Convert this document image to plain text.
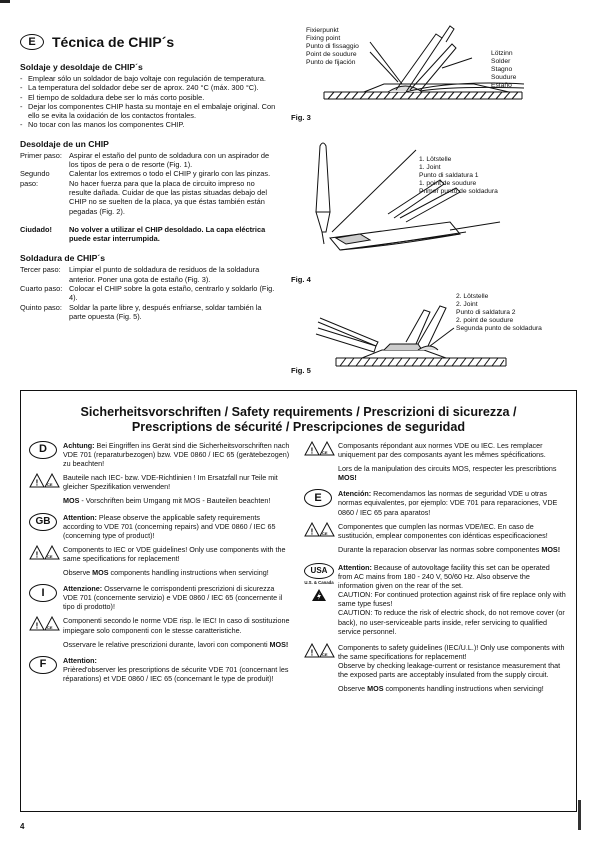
E	Técnica de CHIP´s
Soldaje y desoldaje de CHIP´s
- Emplear sólo un soldador de bajo voltaje con regulación de temperatura.
- La temperatura del soldador debe ser de aprox. 240 °C (máx. 300 °C).
- El tiempo de soldadura debe ser lo más corto posible.
- Dejar los componentes CHIP hasta su montaje en el embalaje original. Con ello se evita la oxidación de los contactos frontales.
- No tocar con las manos los componentes CHIP.
Desoldaje de un CHIP
Primer paso: Aspirar el estaño del punto de soldadura con un aspirador de los tipos de pera o de resorte (Fig. 1).
Segundo paso:
Calentar los extremos o todo el CHIP y girarlo con las pinzas. No hacer fuerza para que la placa de circuito impreso no resulte dañada. Cuidar de que las pistas situadas debajo del CHIP no se suelten de la placa, ya que éstas también están pegadas (Fig. 2).
Ciudado!	No volver a utilizar el CHIP desoldado. La capa eléctrica puede estar interrumpida.
Soldadura de CHIP´s
Tercer paso:	Limpiar el punto de soldadura de residuos de la soldadura anterior. Poner una gota de estaño (Fig. 3).
Cuarto paso: Colocar el CHIP sobre la gota estaño, centrarlo y soldarlo (Fig. 4).
Quinto paso: Soldar la parte libre y, después enfriarse, soldar también la parte opuesta (Fig. 5).
Fixierpunkt
Fixing point
Punto di fissaggio
Point de soudure
Punto de fijación
Lötzinn
Solder
Stagno
Soudure
Estaño
Fig. 3
1. Lötstelle
1. Joint
Punto di saldatura 1
1. point de soudure
Primer punto de soldadura
Fig. 4
2. Lötstelle
2. Joint
Punto di saldatura 2
2. point de soudure
Segunda punto de soldadura
Fig. 5
Sicherheitsvorschriften / Safety requirements / Prescrizioni di sicurezza /
Prescriptions de sécurité / Prescripciones de seguridad
D	Achtung: Bei Eingriffen ins Gerät sind die Sicherheitsvorschriften nach VDE 701 (reparaturbezogen) bzw. VDE 0860 / IEC 65 (gerätebezogen) zu beachten!

! CE

Bauteile nach IEC- bzw. VDE-Richtlinien ! Im Ersatzfall nur Teile mit gleicher Spezifikation verwenden!

MOS - Vorschriften beim Umgang mit MOS - Bauteilen beachten!

GB	Attention: Please observe the applicable safety requirements according to VDE 701 (concerning repairs) and VDE 0860 / IEC 65 (concerning type of product)!

! CE

Components to IEC or VDE guidelines! Only use components with the same specifications for replacement!

Observe MOS components handling instructions when servicing!

I	Attenzione: Osservarne le corrispondenti prescrizioni di sicurezza VDE 701 (concernente servizio) e VDE 0860 / IEC 65 (concernente il tipo di prodotto)!

! CE

Componenti secondo le norme VDE risp. le IEC! In caso di sostituzione impiegare solo componenti con le stesse caratteristiche.

Osservare le relative prescrizioni durante, lavori con componenti MOS!

F	Attention:
Prièred'observer les prescriptions de sécurite VDE 701 (concernant les réparations) et VDE 0860 / IEC 65 (concernant le type de produit)!

! CE

Composants répondant aux normes VDE ou IEC. Les remplacer uniquement par des composants ayant les mêmes spécifications.

Lors de la manipulation des circuits MOS, respecter les prescribtions MOS!

E	Atención: Recomendamos las normas de seguridad VDE u otras normas equivalentes, por ejemplo: VDE 701 para reparaciones, VDE 0860 / IEC 65 para aparatos!

! CE

Componentes que cumplen las normas VDE/IEC. En caso de sustitución, emplear componentes con idénticas especificaciones!

Durante la reparacion observar las normas sobre componentes MOS!

USA
U.S. & Canada

Attention: Because of autovoltage facility this set can be operated from AC mains from 180 - 240 V, 50/60 Hz. Also observe the information given on the rear of the set.

CAUTION: For continued protection against risk of fire replace only with same type fuses!

CAUTION: To reduce the risk of electric shock, do not remove cover (or back), no user-serviceable parts inside, refer servicing to qualified service personnel.

! CE

Components to safety guidelines (IEC/U.L.)! Only use components with the same specifications for replacement!

Observe by checking leakage-current or resistance measurement that the exposed parts are acceptably insulated from the supply circuit.

Observe MOS components handling instructions when servicing!

4
